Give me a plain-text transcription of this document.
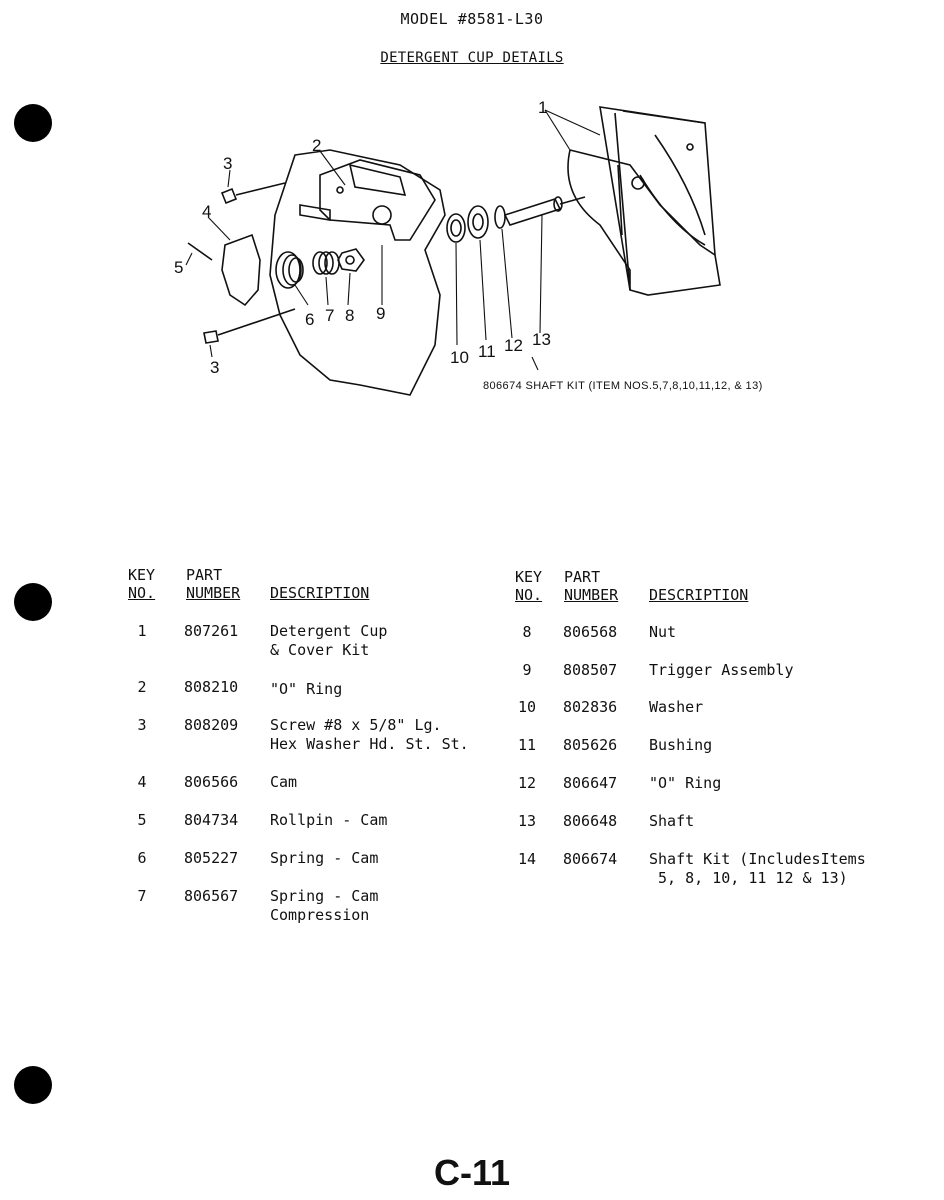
MODEL #8581-L30
DETERGENT CUP DETAILS
1
2
3
4
5
6 7 8 9
10 11 12 13
3
806674 SHAFT KIT (ITEM NOS.5,7,8,10,11,12, & 13)
KEY
NO.
PART
NUMBER DESCRIPTION
1	807261 Detergent Cup
& Cover Kit
2	808210 "O" Ring
3	808209 Screw #8 x 5/8" Lg.
Hex Washer Hd. St. St.
4	806566 Cam
5	804734 Rollpin - Cam
6	805227 Spring - Cam
7	806567 Spring - Cam
Compression
KEY
NO.
PART
NUMBER DESCRIPTION
8	806568 Nut
9	808507 Trigger Assembly
10	802836 Washer
11	805626 Bushing
12	806647 "O" Ring
13	806648 Shaft
14	806674 Shaft Kit (IncludesItems
5, 8, 10, 11 12 & 13)
C-11
